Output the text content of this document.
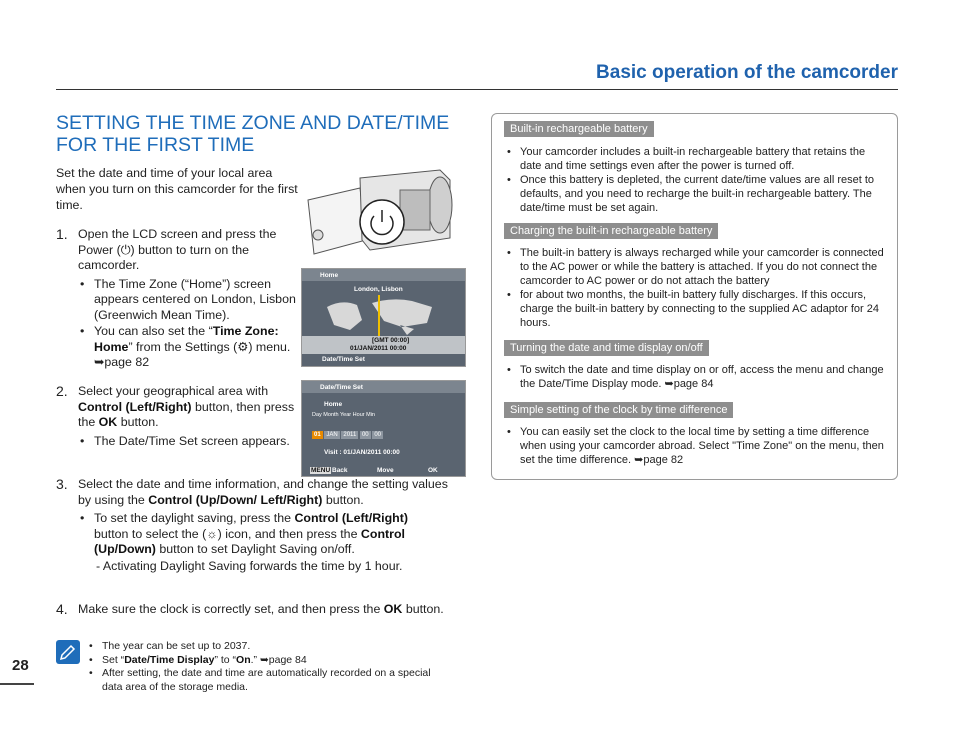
Basic operation of the camcorder
SETTING THE TIME ZONE AND DATE/TIME FOR THE FIRST TIME
Set the date and time of your local area when you turn on this camcorder for the first time.
1. Open the LCD screen and press the Power (⏻) button to turn on the camcorder.
• The Time Zone (“Home”) screen appears centered on London, Lisbon (Greenwich Mean Time).
• You can also set the “Time Zone: Home” from the Settings (⚙) menu. ➥page 82
Home
London, Lisbon
[GMT 00:00]
01/JAN/2011 00:00
Date/Time Set
2. Select your geographical area with Control (Left/Right) button, then press the OK button.
• The Date/Time Set screen appears.
Date/Time Set
Home
Day Month Year Hour Min
01 JAN 2011 00 00
Visit : 01/JAN/2011 00:00
MENU Back	Move	OK
3. Select the date and time information, and change the setting values by using the Control (Up/Down/ Left/Right) button.
• To set the daylight saving, press the Control (Left/Right) button to select the (☼) icon, and then press the Control (Up/Down) button to set Daylight Saving on/off.
- Activating Daylight Saving forwards the time by 1 hour.
4. Make sure the clock is correctly set, and then press the OK button.
• The year can be set up to 2037.
• Set “Date/Time Display” to “On.” ➥page 84
• After setting, the date and time are automatically recorded on a special data area of the storage media.
28
Built-in rechargeable battery
• Your camcorder includes a built-in rechargeable battery that retains the date and time settings even after the power is turned off.
• Once this battery is depleted, the current date/time values are all reset to defaults, and you need to recharge the built-in rechargeable battery. The date/time must be set again.
Charging the built-in rechargeable battery
• The built-in battery is always recharged while your camcorder is connected to the AC power or while the battery is attached. If you do not connect the camcorder to AC power or do not attach the battery
• for about two months, the built-in battery fully discharges. If this occurs, charge the built-in battery by connecting to the supplied AC adaptor for 24 hours.
Turning the date and time display on/off
• To switch the date and time display on or off, access the menu and change the Date/Time Display mode. ➥page 84
Simple setting of the clock by time difference
• You can easily set the clock to the local time by setting a time difference when using your camcorder abroad. Select "Time Zone" on the menu, then set the time difference. ➥page 82
